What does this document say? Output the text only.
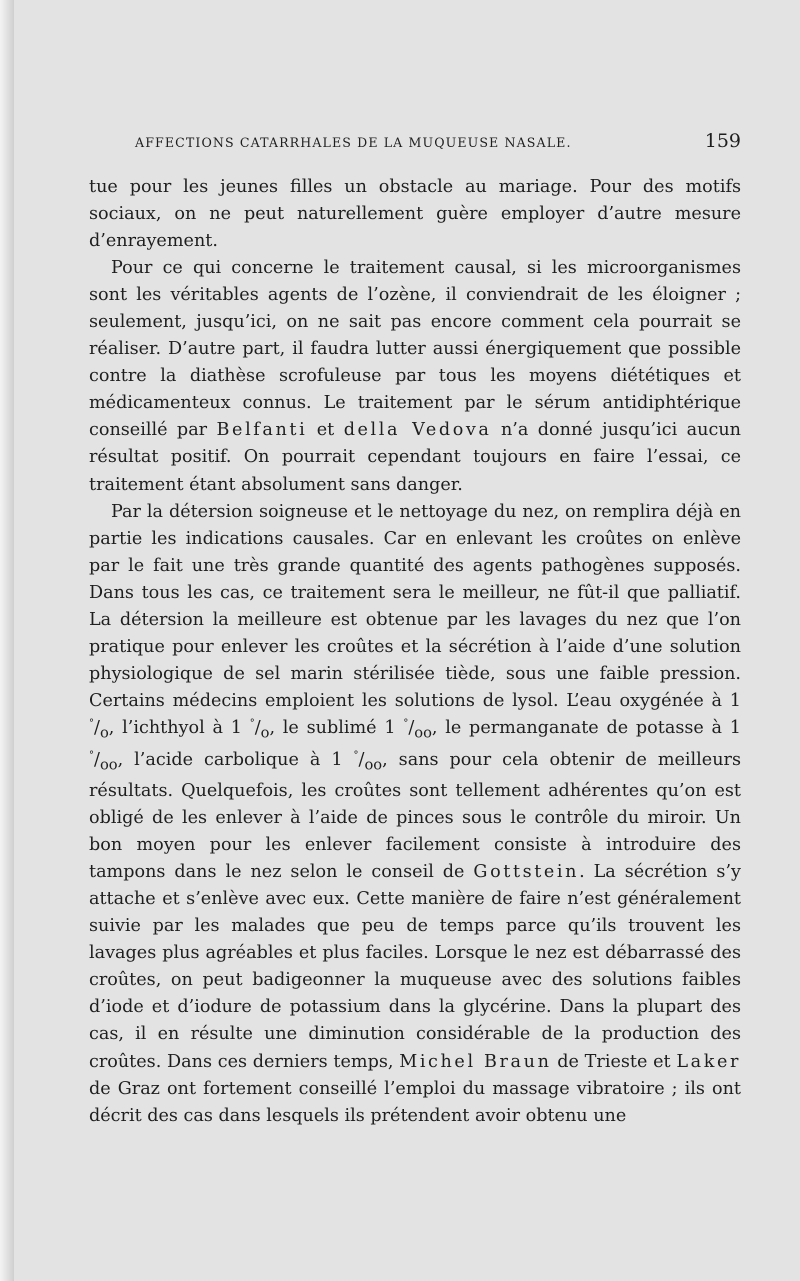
AFFECTIONS CATARRHALES DE LA MUQUEUSE NASALE.	159

tue pour les jeunes filles un obstacle au mariage. Pour des motifs sociaux, on ne peut naturellement guère employer d’autre mesure d’enrayement.

Pour ce qui concerne le traitement causal, si les microorganismes sont les véritables agents de l’ozène, il conviendrait de les éloigner ; seulement, jusqu’ici, on ne sait pas encore comment cela pourrait se réaliser. D’autre part, il faudra lutter aussi énergiquement que possible contre la diathèse scrofuleuse par tous les moyens diététiques et médicamenteux connus. Le traitement par le sérum antidiphtérique conseillé par Belfanti et della Vedova n’a donné jusqu’ici aucun résultat positif. On pourrait cependant toujours en faire l’essai, ce traitement étant absolument sans danger.

Par la détersion soigneuse et le nettoyage du nez, on remplira déjà en partie les indications causales. Car en enlevant les croûtes on enlève par le fait une très grande quantité des agents pathogènes supposés. Dans tous les cas, ce traitement sera le meilleur, ne fût-il que palliatif. La détersion la meilleure est obtenue par les lavages du nez que l’on pratique pour enlever les croûtes et la sécrétion à l’aide d’une solution physiologique de sel marin stérilisée tiède, sous une faible pression. Certains médecins emploient les solutions de lysol. L’eau oxygénée à 1 $^\circ/_o$, l’ichthyol à 1 $^\circ/_o$, le sublimé 1 $^\circ/_{oo}$, le permanganate de potasse à 1 $^\circ/_{oo}$, l’acide carbolique à 1 $^\circ/_{oo}$, sans pour cela obtenir de meilleurs résultats. Quelquefois, les croûtes sont tellement adhérentes qu’on est obligé de les enlever à l’aide de pinces sous le contrôle du miroir. Un bon moyen pour les enlever facilement consiste à introduire des tampons dans le nez selon le conseil de Gottstein. La sécrétion s’y attache et s’enlève avec eux. Cette manière de faire n’est généralement suivie par les malades que peu de temps parce qu’ils trouvent les lavages plus agréables et plus faciles. Lorsque le nez est débarrassé des croûtes, on peut badigeonner la muqueuse avec des solutions faibles d’iode et d’iodure de potassium dans la glycérine. Dans la plupart des cas, il en résulte une diminution considérable de la production des croûtes. Dans ces derniers temps, Michel Braun de Trieste et Laker de Graz ont fortement conseillé l’emploi du massage vibratoire ; ils ont décrit des cas dans lesquels ils prétendent avoir obtenu une
